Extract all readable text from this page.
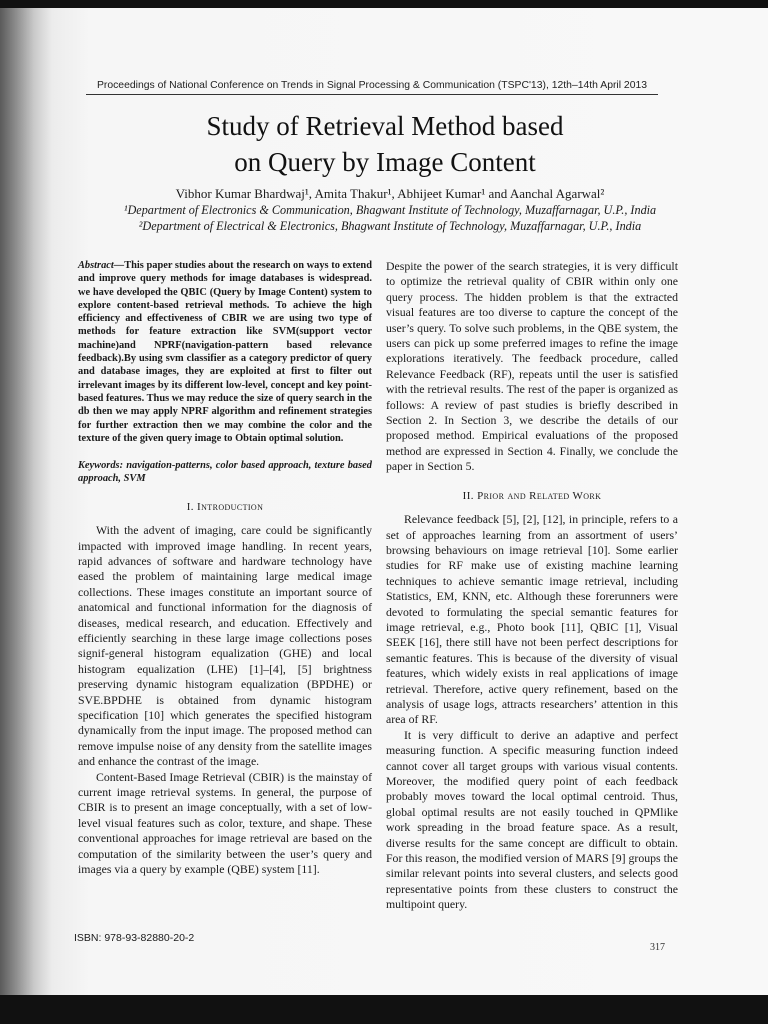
Proceedings of National Conference on Trends in Signal Processing & Communication (TSPC'13), 12th–14th April 2013
Study of Retrieval Method based
on Query by Image Content
Vibhor Kumar Bhardwaj¹, Amita Thakur¹, Abhijeet Kumar¹ and Aanchal Agarwal²
¹Department of Electronics & Communication, Bhagwant Institute of Technology, Muzaffarnagar, U.P., India
²Department of Electrical & Electronics, Bhagwant Institute of Technology, Muzaffarnagar, U.P., India

Abstract—This paper studies about the research on ways to extend and improve query methods for image databases is widespread. we have developed the QBIC (Query by Image Content) system to explore content-based retrieval methods. To achieve the high efficiency and effectiveness of CBIR we are using two type of methods for feature extraction like SVM(support vector machine)and NPRF(navigation-pattern based relevance feedback).By using svm classifier as a category predictor of query and database images, they are exploited at first to filter out irrelevant images by its different low-level, concept and key point-based features. Thus we may reduce the size of query search in the db then we may apply NPRF algorithm and refinement strategies for further extraction then we may combine the color and the texture of the given query image to Obtain optimal solution.

Keywords: navigation-patterns, color based approach, texture based approach, SVM

I. Introduction

With the advent of imaging, care could be significantly impacted with improved image handling. In recent years, rapid advances of software and hardware technology have eased the problem of maintaining large medical image collections. These images constitute an important source of anatomical and functional information for the diagnosis of diseases, medical research, and education. Effectively and efficiently searching in these large image collections poses signif-general histogram equalization (GHE) and local histogram equalization (LHE) [1]–[4], [5] brightness preserving dynamic histogram equalization (BPDHE) or SVE.BPDHE is obtained from dynamic histogram specification [10] which generates the specified histogram dynamically from the input image. The proposed method can remove impulse noise of any density from the satellite images and enhance the contrast of the image.

Content-Based Image Retrieval (CBIR) is the mainstay of current image retrieval systems. In general, the purpose of CBIR is to present an image conceptually, with a set of low-level visual features such as color, texture, and shape. These conventional approaches for image retrieval are based on the computation of the similarity between the user’s query and images via a query by example (QBE) system [11].

Despite the power of the search strategies, it is very difficult to optimize the retrieval quality of CBIR within only one query process. The hidden problem is that the extracted visual features are too diverse to capture the concept of the user’s query. To solve such problems, in the QBE system, the users can pick up some preferred images to refine the image explorations iteratively. The feedback procedure, called Relevance Feedback (RF), repeats until the user is satisfied with the retrieval results. The rest of the paper is organized as follows: A review of past studies is briefly described in Section 2. In Section 3, we describe the details of our proposed method. Empirical evaluations of the proposed method are expressed in Section 4. Finally, we conclude the paper in Section 5.

II. Prior and Related Work

Relevance feedback [5], [2], [12], in principle, refers to a set of approaches learning from an assortment of users’ browsing behaviours on image retrieval [10]. Some earlier studies for RF make use of existing machine learning techniques to achieve semantic image retrieval, including Statistics, EM, KNN, etc. Although these forerunners were devoted to formulating the special semantic features for image retrieval, e.g., Photo book [11], QBIC [1], Visual SEEK [16], there still have not been perfect descriptions for semantic features. This is because of the diversity of visual features, which widely exists in real applications of image retrieval. Therefore, active query refinement, based on the analysis of usage logs, attracts researchers’ attention in this area of RF.

It is very difficult to derive an adaptive and perfect measuring function. A specific measuring function indeed cannot cover all target groups with various visual contents. Moreover, the modified query point of each feedback probably moves toward the local optimal centroid. Thus, global optimal results are not easily touched in QPMlike work spreading in the broad feature space. As a result, diverse results for the same concept are difficult to obtain. For this reason, the modified version of MARS [9] groups the similar relevant points into several clusters, and selects good representative points from these clusters to construct the multipoint query.

ISBN: 978-93-82880-20-2
317
